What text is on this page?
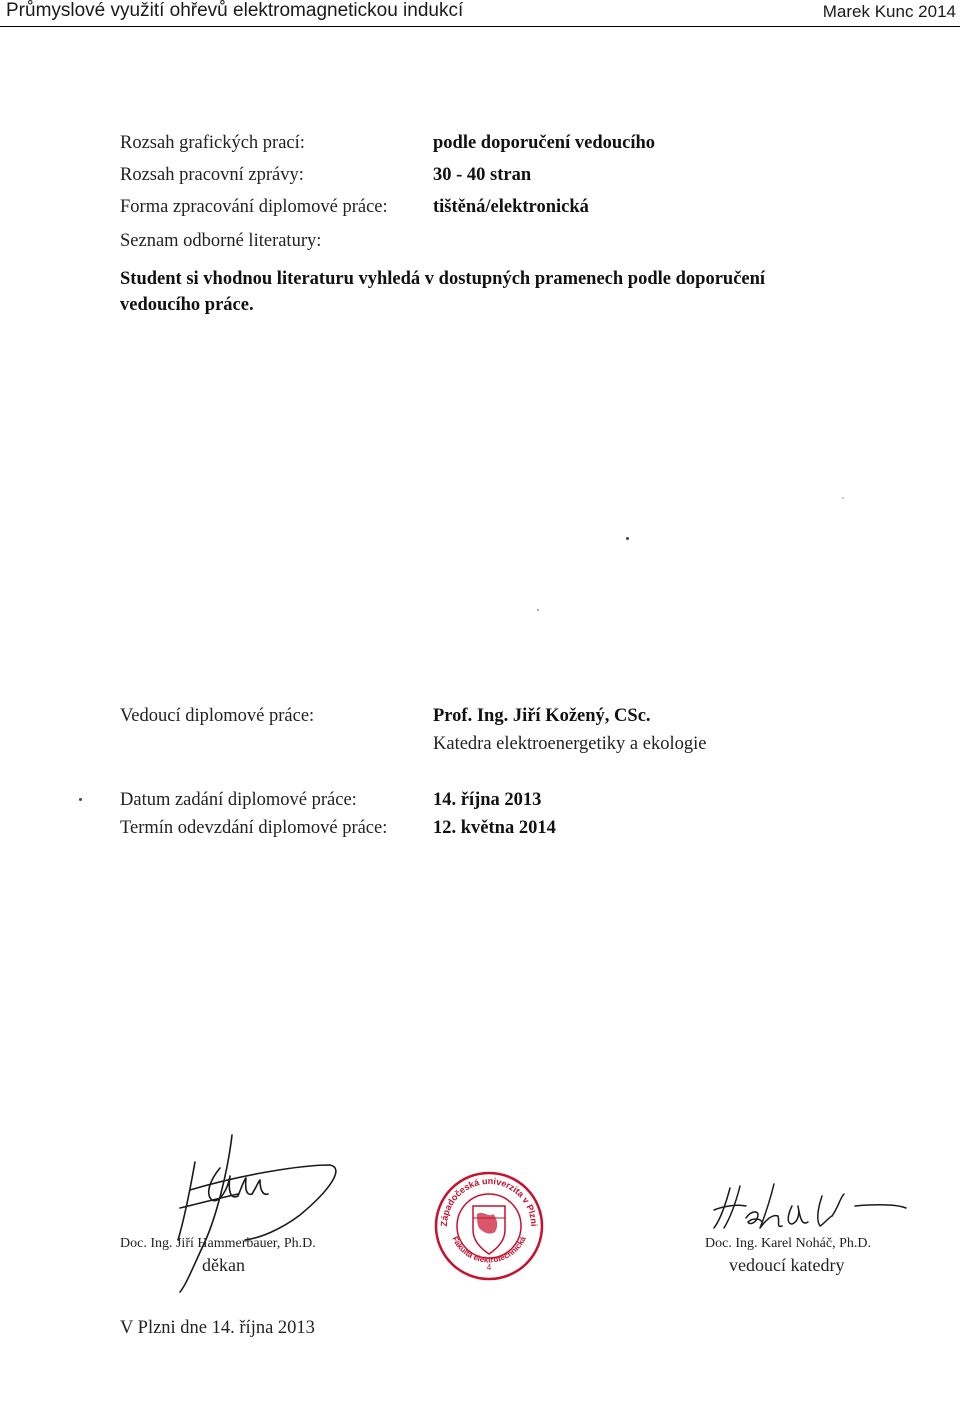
Průmyslové využití ohřevů elektromagnetickou indukcí	Marek Kunc 2014
Rozsah grafických prací:	podle doporučení vedoucího
Rozsah pracovní zprávy:	30 - 40 stran
Forma zpracování diplomové práce: tištěná/elektronická
Seznam odborné literatury:
Student si vhodnou literaturu vyhledá v dostupných pramenech podle doporučení vedoucího práce.
Vedoucí diplomové práce:	Prof. Ing. Jiří Kožený, CSc.
Katedra elektroenergetiky a ekologie
Datum zadání diplomové práce:	14. října 2013
Termín odevzdání diplomové práce: 12. května 2014
Západočeská univerzita v Plzni
Fakulta elektrotechnická
4
Doc. Ing. Jiří Hammerbauer, Ph.D.
děkan
Doc. Ing. Karel Noháč, Ph.D.
vedoucí katedry
V Plzni dne 14. října 2013
